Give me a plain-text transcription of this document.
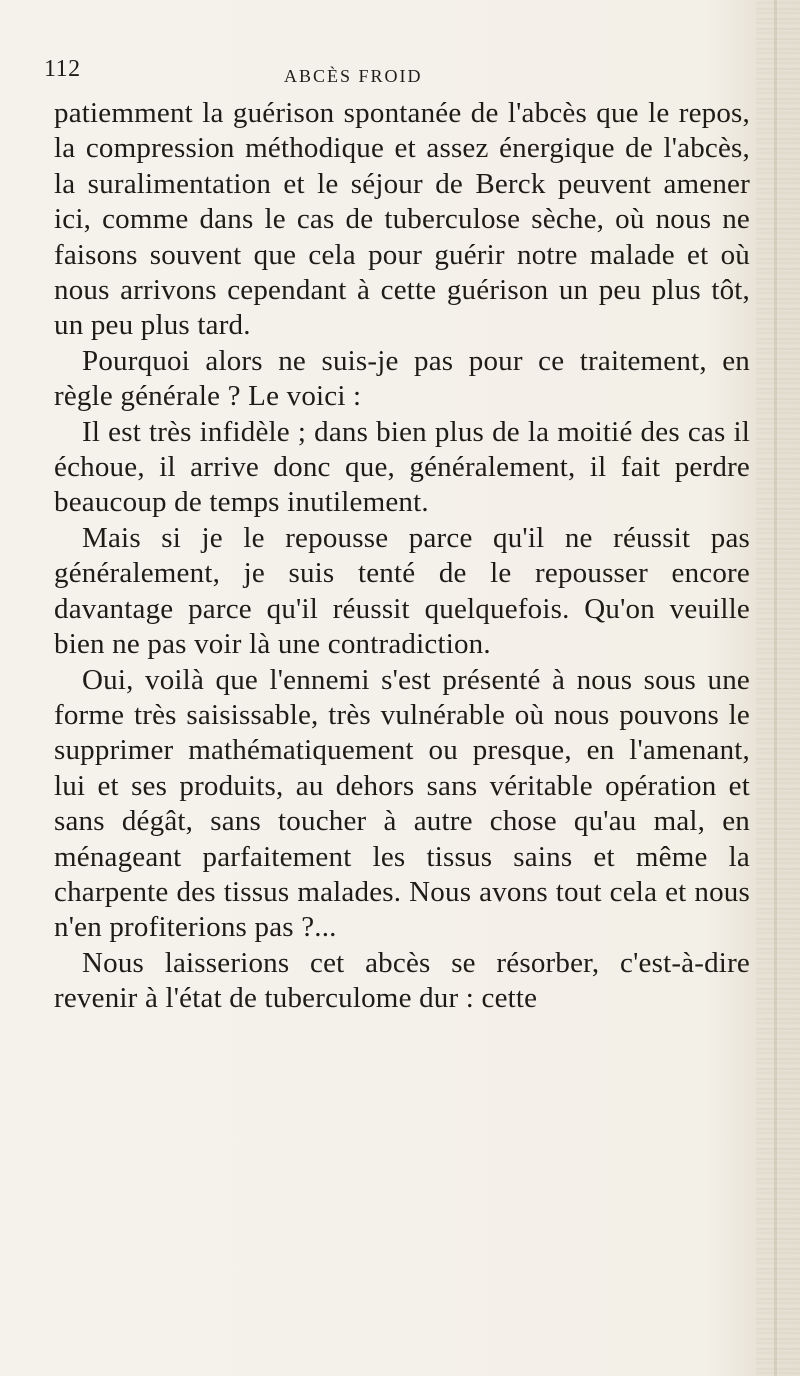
112	ABCÈS FROID

patiemment la guérison spontanée de l'abcès que le repos, la compression méthodique et assez énergique de l'abcès, la suralimentation et le séjour de Berck peuvent amener ici, comme dans le cas de tuberculose sèche, où nous ne faisons souvent que cela pour guérir notre malade et où nous arrivons cependant à cette guérison un peu plus tôt, un peu plus tard.

Pourquoi alors ne suis-je pas pour ce traitement, en règle générale ? Le voici :

Il est très infidèle ; dans bien plus de la moitié des cas il échoue, il arrive donc que, généralement, il fait perdre beaucoup de temps inutilement.

Mais si je le repousse parce qu'il ne réussit pas généralement, je suis tenté de le repousser encore davantage parce qu'il réussit quelquefois. Qu'on veuille bien ne pas voir là une contradiction.

Oui, voilà que l'ennemi s'est présenté à nous sous une forme très saisissable, très vulnérable où nous pouvons le supprimer mathématiquement ou presque, en l'amenant, lui et ses produits, au dehors sans véritable opération et sans dégât, sans toucher à autre chose qu'au mal, en ménageant parfaitement les tissus sains et même la charpente des tissus malades. Nous avons tout cela et nous n'en profiterions pas ?...

Nous laisserions cet abcès se résorber, c'est-à-dire revenir à l'état de tuberculome dur : cette
